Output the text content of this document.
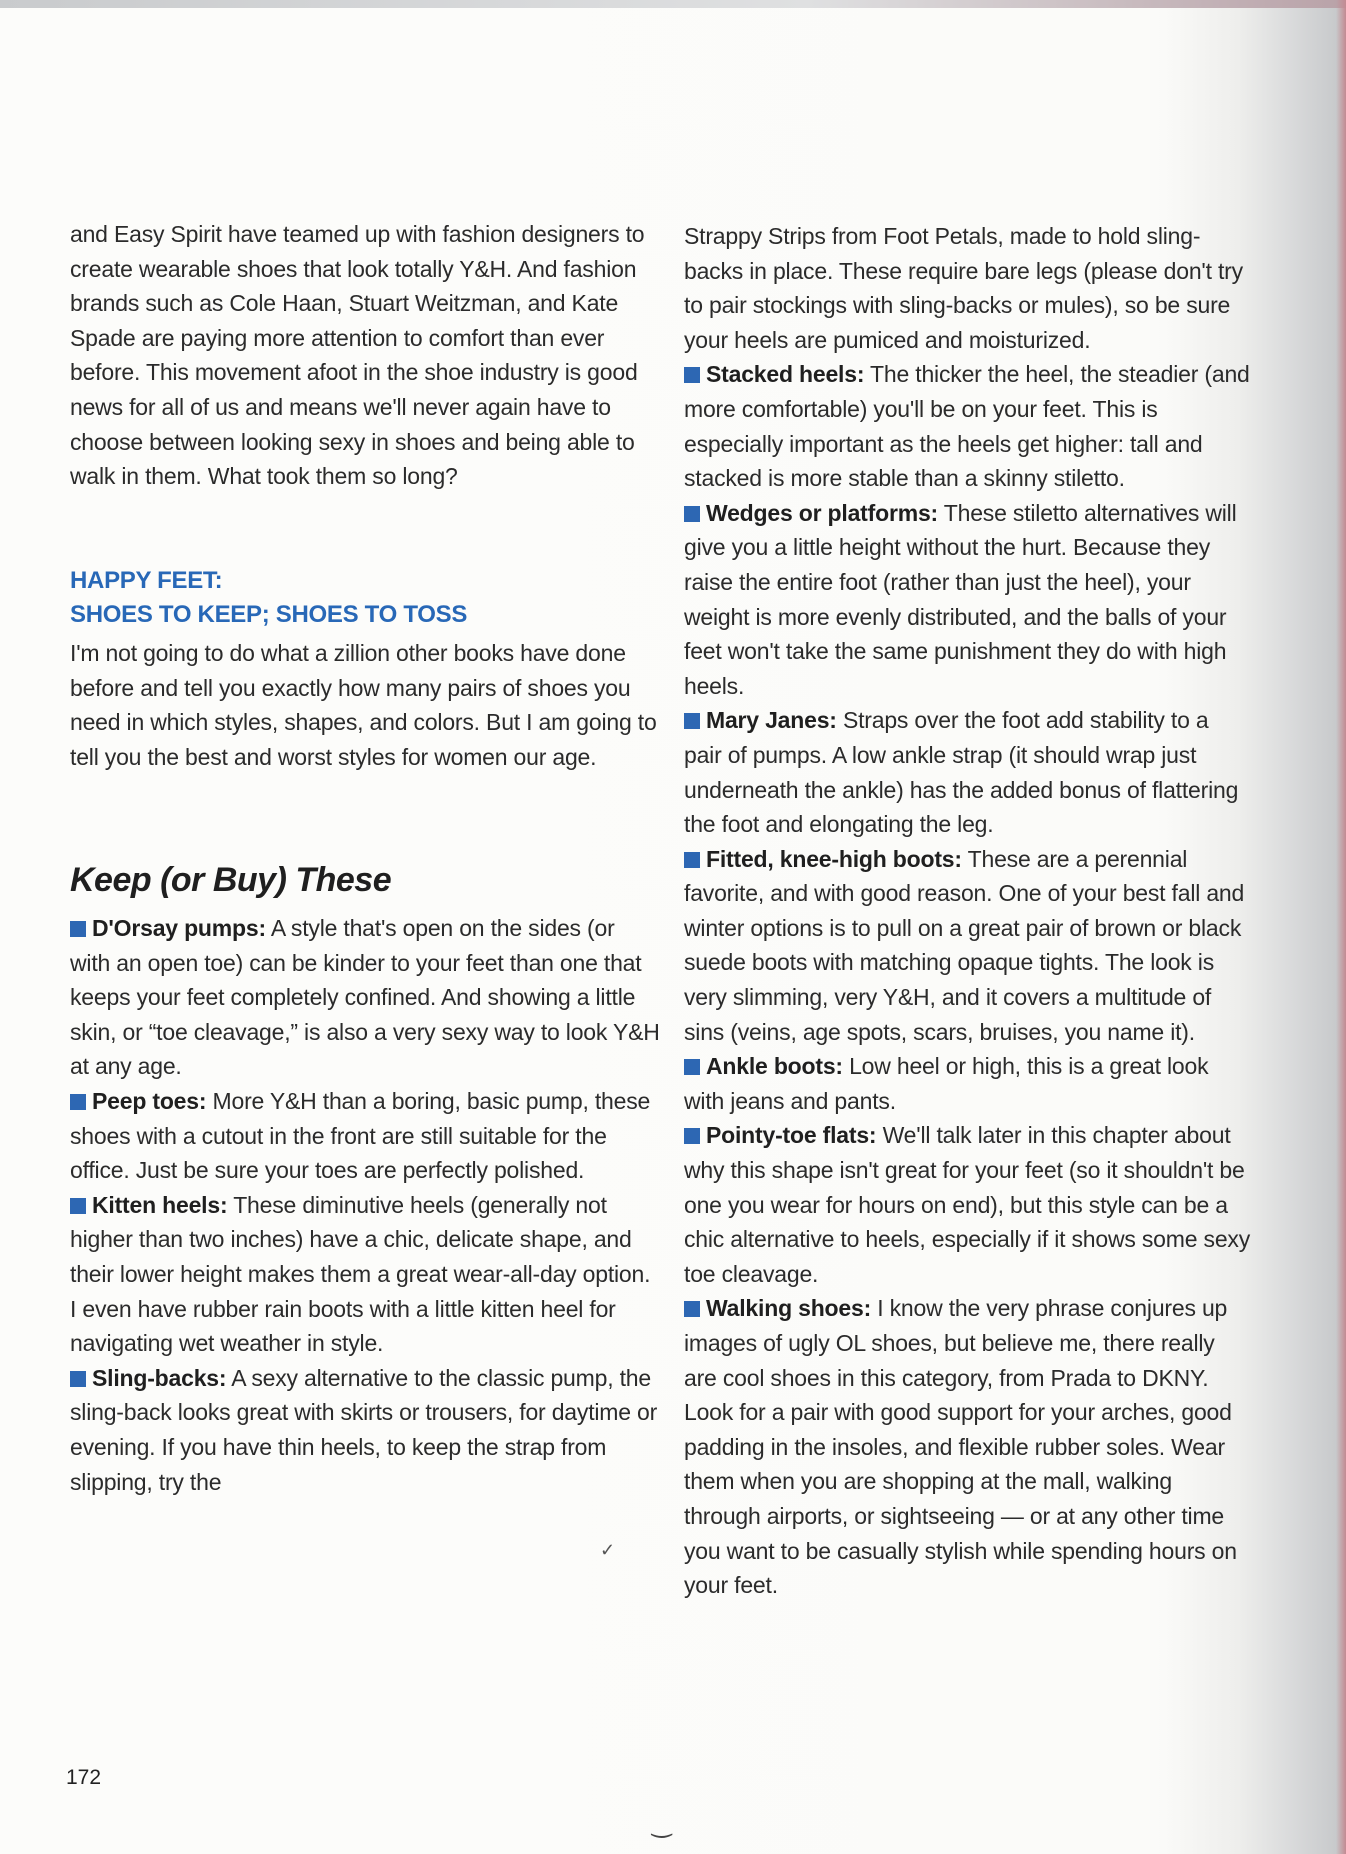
and Easy Spirit have teamed up with fashion designers to create wearable shoes that look totally Y&H. And fashion brands such as Cole Haan, Stuart Weitzman, and Kate Spade are paying more attention to comfort than ever before. This movement afoot in the shoe industry is good news for all of us and means we'll never again have to choose between looking sexy in shoes and being able to walk in them. What took them so long?

HAPPY FEET:

SHOES TO KEEP; SHOES TO TOSS

I'm not going to do what a zillion other books have done before and tell you exactly how many pairs of shoes you need in which styles, shapes, and colors. But I am going to tell you the best and worst styles for women our age.

Keep (or Buy) These

D'Orsay pumps: A style that's open on the sides (or with an open toe) can be kinder to your feet than one that keeps your feet completely confined. And showing a little skin, or “toe cleavage,” is also a very sexy way to look Y&H at any age.

Peep toes: More Y&H than a boring, basic pump, these shoes with a cutout in the front are still suitable for the office. Just be sure your toes are perfectly polished.

Kitten heels: These diminutive heels (generally not higher than two inches) have a chic, delicate shape, and their lower height makes them a great wear-all-day option. I even have rubber rain boots with a little kitten heel for navigating wet weather in style.

Sling-backs: A sexy alternative to the classic pump, the sling-back looks great with skirts or trousers, for daytime or evening. If you have thin heels, to keep the strap from slipping, try the

Strappy Strips from Foot Petals, made to hold sling-backs in place. These require bare legs (please don't try to pair stockings with sling-backs or mules), so be sure your heels are pumiced and moisturized.

Stacked heels: The thicker the heel, the steadier (and more comfortable) you'll be on your feet. This is especially important as the heels get higher: tall and stacked is more stable than a skinny stiletto.

Wedges or platforms: These stiletto alternatives will give you a little height without the hurt. Because they raise the entire foot (rather than just the heel), your weight is more evenly distributed, and the balls of your feet won't take the same punishment they do with high heels.

Mary Janes: Straps over the foot add stability to a pair of pumps. A low ankle strap (it should wrap just underneath the ankle) has the added bonus of flattering the foot and elongating the leg.

Fitted, knee-high boots: These are a perennial favorite, and with good reason. One of your best fall and winter options is to pull on a great pair of brown or black suede boots with matching opaque tights. The look is very slimming, very Y&H, and it covers a multitude of sins (veins, age spots, scars, bruises, you name it).

Ankle boots: Low heel or high, this is a great look with jeans and pants.

Pointy-toe flats: We'll talk later in this chapter about why this shape isn't great for your feet (so it shouldn't be one you wear for hours on end), but this style can be a chic alternative to heels, especially if it shows some sexy toe cleavage.

Walking shoes: I know the very phrase conjures up images of ugly OL shoes, but believe me, there really are cool shoes in this category, from Prada to DKNY. Look for a pair with good support for your arches, good padding in the insoles, and flexible rubber soles. Wear them when you are shopping at the mall, walking through airports, or sightseeing — or at any other time you want to be casually stylish while spending hours on your feet.

✓
172
‿
